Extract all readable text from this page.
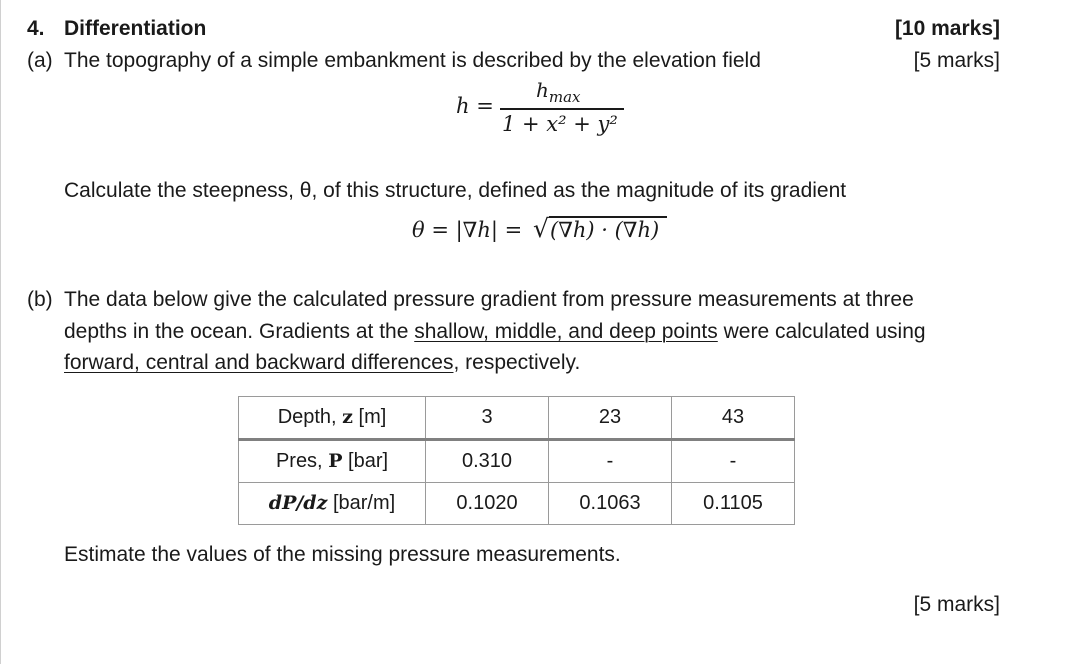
4. Differentiation	[10 marks]
(a) The topography of a simple embankment is described by the elevation field	[5 marks]
h =
$h_{max}$
1 + x² + y²
Calculate the steepness, θ, of this structure, defined as the magnitude of its gradient
θ = |∇h| = √ (∇h) · (∇h)
(b) The data below give the calculated pressure gradient from pressure measurements at three
depths in the ocean. Gradients at the shallow, middle, and deep points were calculated using
forward, central and backward differences, respectively.
Depth, z [m]	3	23	43
Pres, P [bar]	0.310	-	-
dP/dz [bar/m]	0.1020	0.1063	0.1105
Estimate the values of the missing pressure measurements.
[5 marks]
